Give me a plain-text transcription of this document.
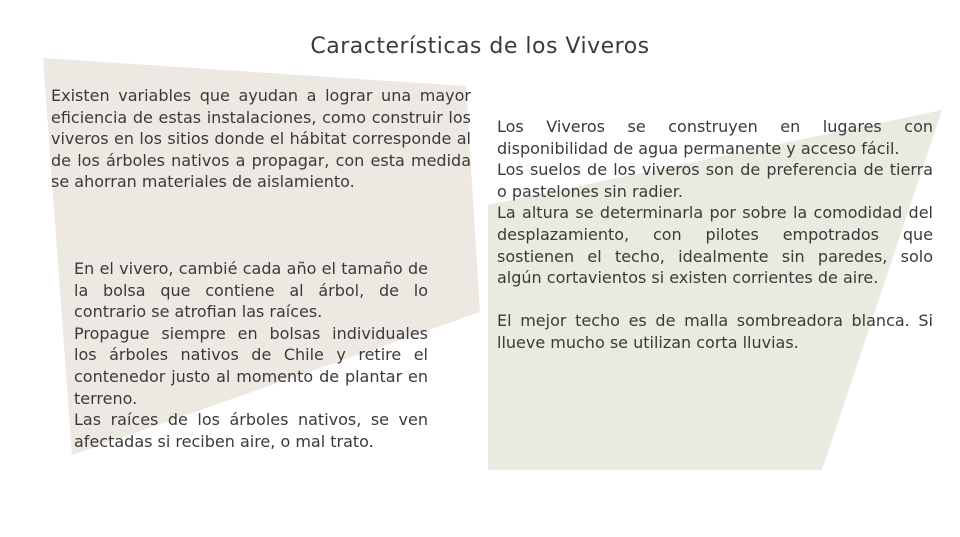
Características de los Viveros

Existen variables que ayudan a lograr una mayor eficiencia de estas instalaciones, como construir los viveros en los sitios donde el hábitat corresponde al de los árboles nativos a propagar, con esta medida se ahorran materiales de aislamiento.

En el vivero, cambié cada año el tamaño de la bolsa que contiene al árbol, de lo contrario se atrofian las raíces.

Propague siempre en bolsas individuales los árboles nativos de Chile y retire el contenedor justo al momento de plantar en terreno.

Las raíces de los árboles nativos, se ven afectadas si reciben aire, o mal trato.

Los Viveros se construyen en lugares con disponibilidad de agua permanente y acceso fácil.

Los suelos de los viveros son de preferencia de tierra o pastelones sin radier.

La altura se determinarla por sobre la comodidad del desplazamiento, con pilotes empotrados que sostienen el techo, idealmente sin paredes, solo algún cortavientos si existen corrientes de aire.

El mejor techo es de malla sombreadora blanca. Si llueve mucho se utilizan corta lluvias.
